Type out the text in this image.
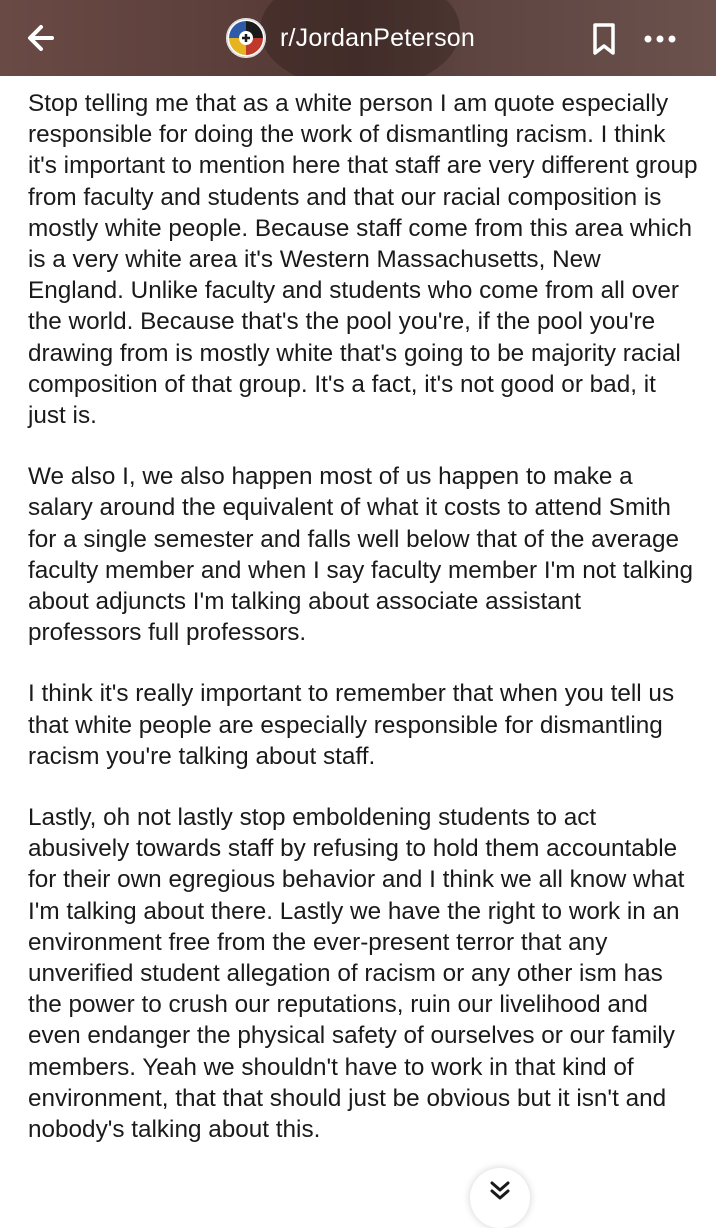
r/JordanPeterson

Stop telling me that as a white person I am quote especially responsible for doing the work of dismantling racism. I think it's important to mention here that staff are very different group from faculty and students and that our racial composition is mostly white people. Because staff come from this area which is a very white area it's Western Massachusetts, New England. Unlike faculty and students who come from all over the world. Because that's the pool you're, if the pool you're drawing from is mostly white that's going to be majority racial composition of that group. It's a fact, it's not good or bad, it just is.

We also I, we also happen most of us happen to make a salary around the equivalent of what it costs to attend Smith for a single semester and falls well below that of the average faculty member and when I say faculty member I'm not talking about adjuncts I'm talking about associate assistant professors full professors.

I think it's really important to remember that when you tell us that white people are especially responsible for dismantling racism you're talking about staff.

Lastly, oh not lastly stop emboldening students to act abusively towards staff by refusing to hold them accountable for their own egregious behavior and I think we all know what I'm talking about there. Lastly we have the right to work in an environment free from the ever-present terror that any unverified student allegation of racism or any other ism has the power to crush our reputations, ruin our livelihood and even endanger the physical safety of ourselves or our family members. Yeah we shouldn't have to work in that kind of environment, that that should just be obvious but it isn't and nobody's talking about this.
